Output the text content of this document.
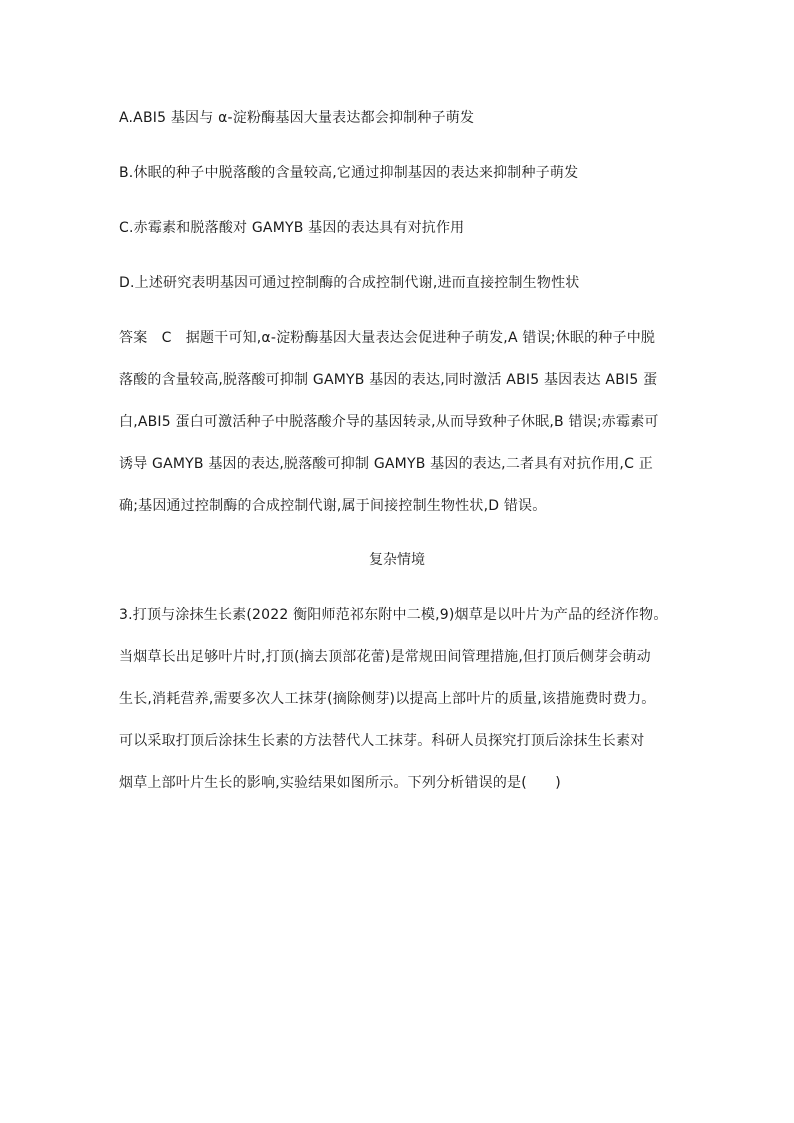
A.ABI5 基因与 α-淀粉酶基因大量表达都会抑制种子萌发
B.休眠的种子中脱落酸的含量较高,它通过抑制基因的表达来抑制种子萌发
C.赤霉素和脱落酸对 GAMYB 基因的表达具有对抗作用
D.上述研究表明基因可通过控制酶的合成控制代谢,进而直接控制生物性状
答案　C　据题干可知,α-淀粉酶基因大量表达会促进种子萌发,A 错误;休眠的种子中脱
落酸的含量较高,脱落酸可抑制 GAMYB 基因的表达,同时激活 ABI5 基因表达 ABI5 蛋
白,ABI5 蛋白可激活种子中脱落酸介导的基因转录,从而导致种子休眠,B 错误;赤霉素可
诱导 GAMYB 基因的表达,脱落酸可抑制 GAMYB 基因的表达,二者具有对抗作用,C 正
确;基因通过控制酶的合成控制代谢,属于间接控制生物性状,D 错误。
复杂情境
3.打顶与涂抹生长素(2022 衡阳师范祁东附中二模,9)烟草是以叶片为产品的经济作物。
当烟草长出足够叶片时,打顶(摘去顶部花蕾)是常规田间管理措施,但打顶后侧芽会萌动
生长,消耗营养,需要多次人工抹芽(摘除侧芽)以提高上部叶片的质量,该措施费时费力。
可以采取打顶后涂抹生长素的方法替代人工抹芽。科研人员探究打顶后涂抹生长素对
烟草上部叶片生长的影响,实验结果如图所示。下列分析错误的是(　　)
